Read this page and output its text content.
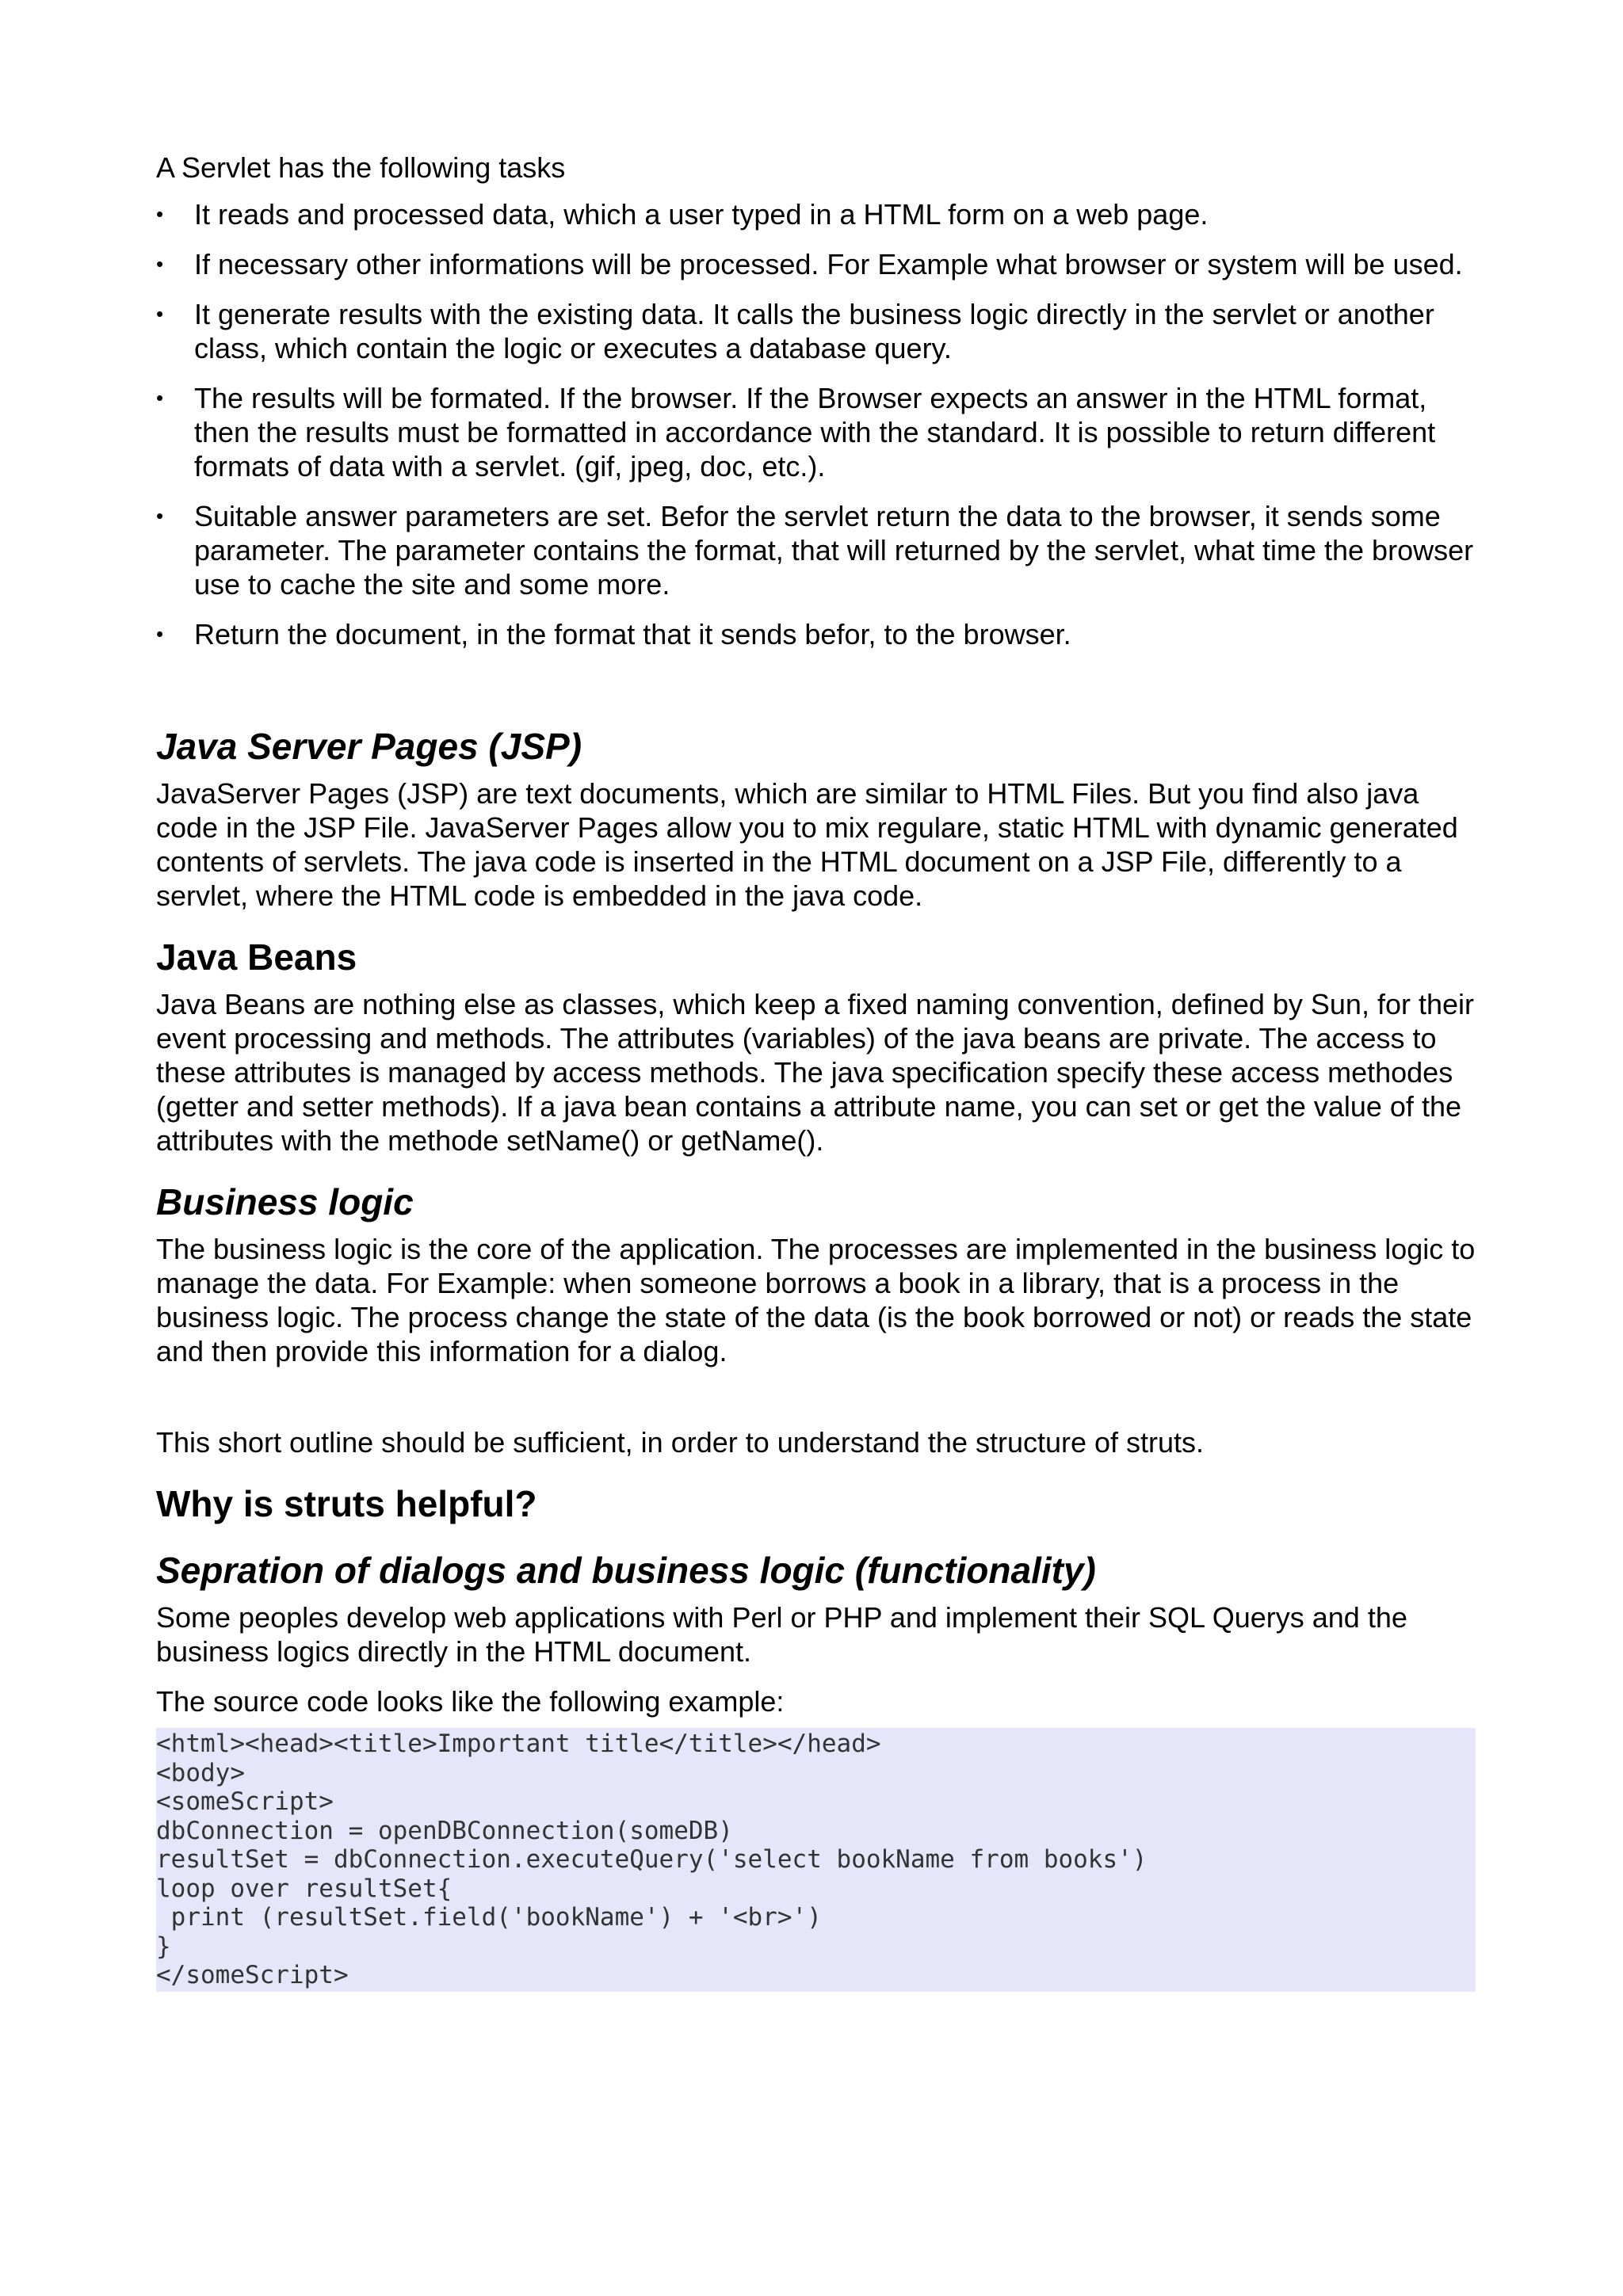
A Servlet has the following tasks

• It reads and processed data, which a user typed in a HTML form on a web page.
• If necessary other informations will be processed. For Example what browser or system will be used.
• It generate results with the existing data. It calls the business logic directly in the servlet or another class, which contain the logic or executes a database query.
• The results will be formated. If the browser. If the Browser expects an answer in the HTML format, then the results must be formatted in accordance with the standard. It is possible to return different formats of data with a servlet. (gif, jpeg, doc, etc.).
• Suitable answer parameters are set. Befor the servlet return the data to the browser, it sends some parameter. The parameter contains the format, that will returned by the servlet, what time the browser use to cache the site and some more.
• Return the document, in the format that it sends befor, to the browser.
Java Server Pages (JSP)

JavaServer Pages (JSP) are text documents, which are similar to HTML Files. But you find also java code in the JSP File. JavaServer Pages allow you to mix regulare, static HTML with dynamic generated contents of servlets. The java code is inserted in the HTML document on a JSP File, differently to a servlet, where the HTML code is embedded in the java code.

Java Beans

Java Beans are nothing else as classes, which keep a fixed naming convention, defined by Sun, for their event processing and methods. The attributes (variables) of the java beans are private. The access to these attributes is managed by access methods. The java specification specify these access methodes (getter and setter methods). If a java bean contains a attribute name, you can set or get the value of the attributes with the methode setName() or getName().

Business logic

The business logic is the core of the application. The processes are implemented in the business logic to manage the data. For Example: when someone borrows a book in a library, that is a process in the business logic. The process change the state of the data (is the book borrowed or not) or reads the state and then provide this information for a dialog.

This short outline should be sufficient, in order to understand the structure of struts.

Why is struts helpful?
Sepration of dialogs and business logic (functionality)

Some peoples develop web applications with Perl or PHP and implement their SQL Querys and the business logics directly in the HTML document.

The source code looks like the following example:

<html><head><title>Important title</title></head>
<body>
<someScript>
dbConnection = openDBConnection(someDB)
resultSet = dbConnection.executeQuery('select bookName from books')
loop over resultSet{
print (resultSet.field('bookName') + '<br>')
}
</someScript>
